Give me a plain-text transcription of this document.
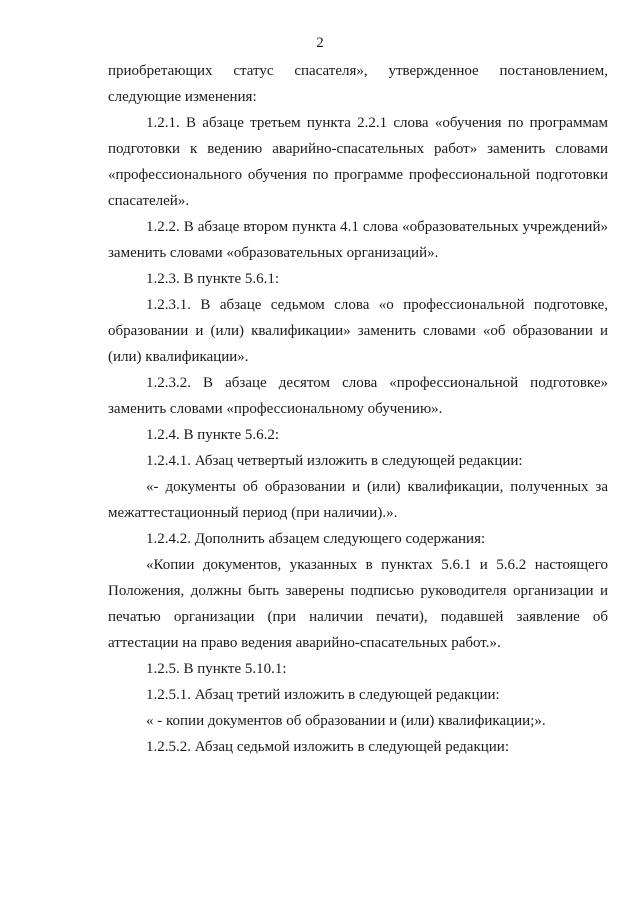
2
приобретающих статус спасателя», утвержденное постановлением,
следующие изменения:
1.2.1. В абзаце третьем пункта 2.2.1 слова «обучения по программам
подготовки к ведению аварийно-спасательных работ» заменить словами
«профессионального обучения по программе профессиональной подготовки
спасателей».
1.2.2. В абзаце втором пункта 4.1 слова «образовательных учреждений»
заменить словами «образовательных организаций».
1.2.3. В пункте 5.6.1:
1.2.3.1. В абзаце седьмом слова «о профессиональной подготовке,
образовании и (или) квалификации» заменить словами «об образовании и
(или) квалификации».
1.2.3.2. В абзаце десятом слова «профессиональной подготовке»
заменить словами «профессиональному обучению».
1.2.4. В пункте 5.6.2:
1.2.4.1. Абзац четвертый изложить в следующей редакции:
«- документы об образовании и (или) квалификации, полученных за
межаттестационный период (при наличии).».
1.2.4.2. Дополнить абзацем следующего содержания:
«Копии документов, указанных в пунктах 5.6.1 и 5.6.2 настоящего
Положения, должны быть заверены подписью руководителя организации и
печатью организации (при наличии печати), подавшей заявление об
аттестации на право ведения аварийно-спасательных работ.».
1.2.5. В пункте 5.10.1:
1.2.5.1. Абзац третий изложить в следующей редакции:
« - копии документов об образовании и (или) квалификации;».
1.2.5.2. Абзац седьмой изложить в следующей редакции:
